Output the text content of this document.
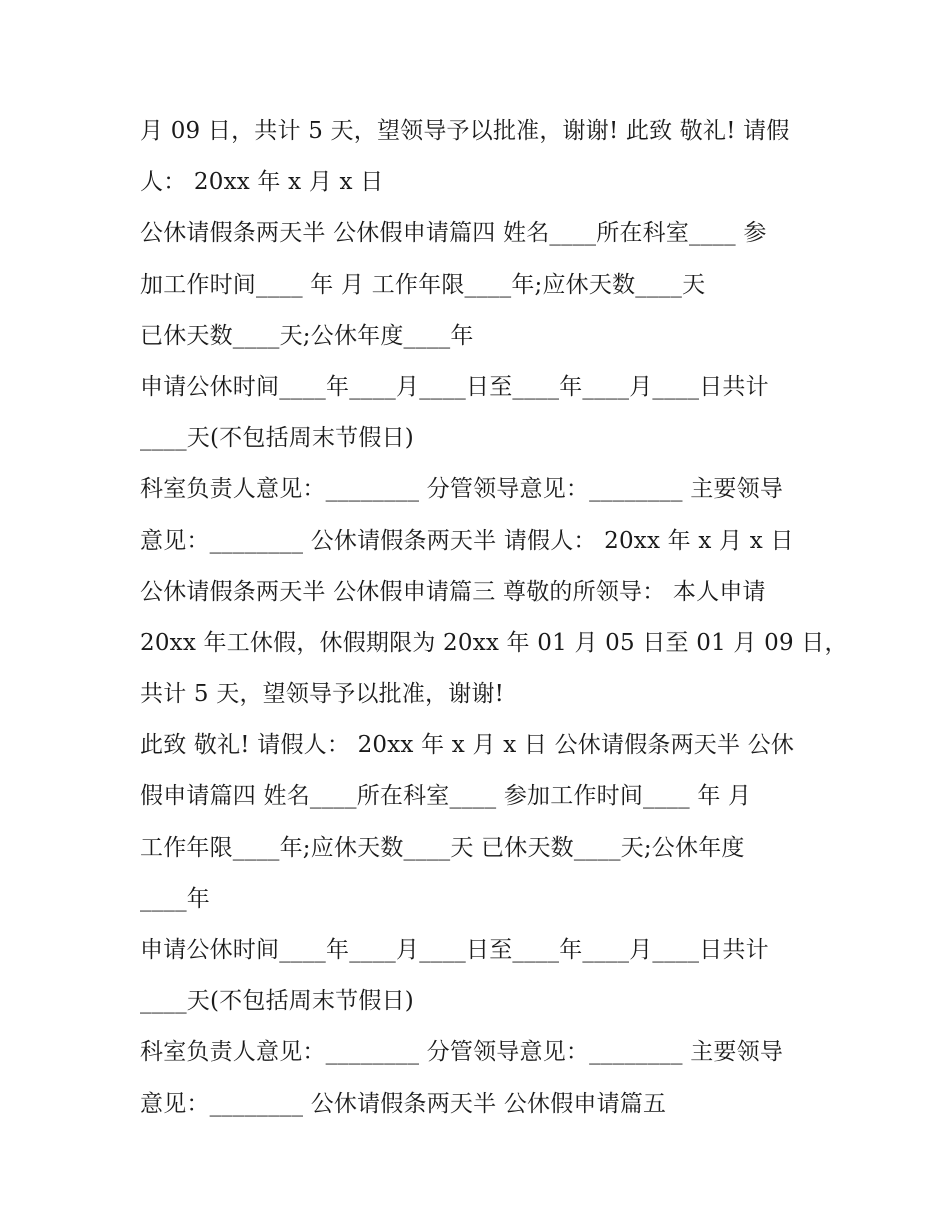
月 09 日，共计 5 天，望领导予以批准，谢谢! 此致 敬礼! 请假
人： 20xx 年 x 月 x 日
公休请假条两天半 公休假申请篇四 姓名____所在科室____ 参
加工作时间____ 年 月 工作年限____年;应休天数____天
已休天数____天;公休年度____年
申请公休时间____年____月____日至____年____月____日共计
____天(不包括周末节假日)
科室负责人意见：________ 分管领导意见：________ 主要领导
意见：________ 公休请假条两天半 请假人： 20xx 年 x 月 x 日
公休请假条两天半 公休假申请篇三 尊敬的所领导： 本人申请
20xx 年工休假，休假期限为 20xx 年 01 月 05 日至 01 月 09 日，
共计 5 天，望领导予以批准，谢谢!
此致 敬礼! 请假人： 20xx 年 x 月 x 日 公休请假条两天半 公休
假申请篇四 姓名____所在科室____ 参加工作时间____ 年 月
工作年限____年;应休天数____天 已休天数____天;公休年度
____年
申请公休时间____年____月____日至____年____月____日共计
____天(不包括周末节假日)
科室负责人意见：________ 分管领导意见：________ 主要领导
意见：________ 公休请假条两天半 公休假申请篇五
